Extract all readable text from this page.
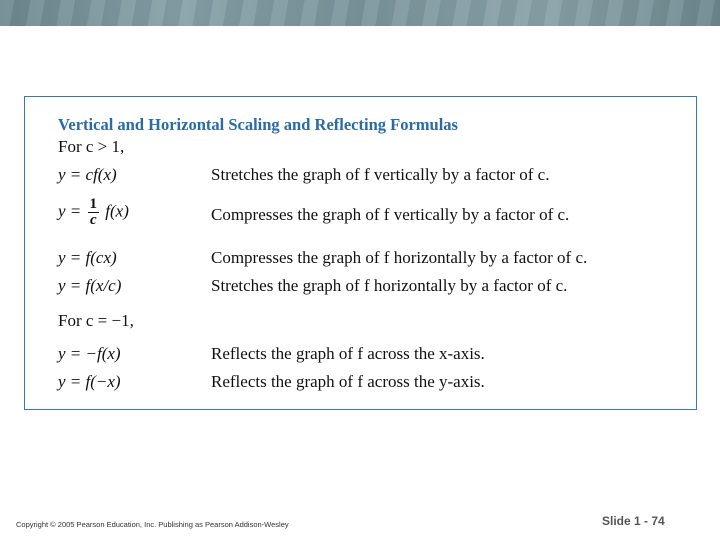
Vertical and Horizontal Scaling and Reflecting Formulas
For c > 1,
y = cf(x)	Stretches the graph of f vertically by a factor of c.
$y = \frac{1}{c} f(x)$	Compresses the graph of f vertically by a factor of c.
y = f(cx)	Compresses the graph of f horizontally by a factor of c.
y = f(x/c)	Stretches the graph of f horizontally by a factor of c.
For c = −1,
y = −f(x)	Reflects the graph of f across the x-axis.
y = f(−x)	Reflects the graph of f across the y-axis.
Copyright © 2005 Pearson Education, Inc. Publishing as Pearson Addison-Wesley	Slide 1 - 74
